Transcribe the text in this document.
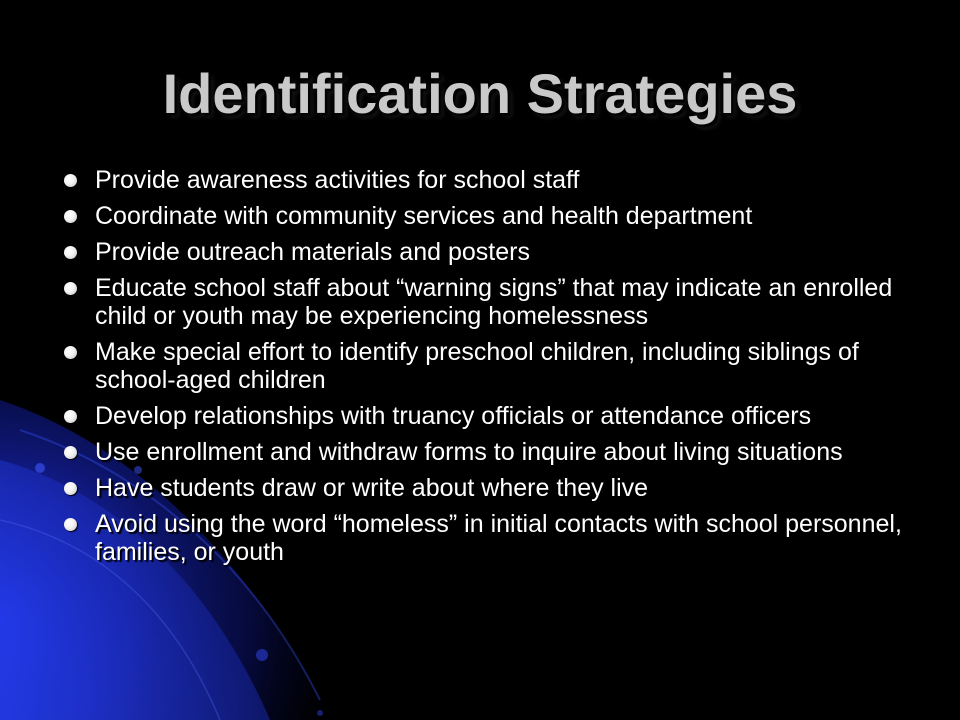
Identification Strategies
Provide awareness activities for school staff
Coordinate with community services and health department
Provide outreach materials and posters
Educate school staff about “warning signs” that may indicate an enrolled child or youth may be experiencing homelessness
Make special effort to identify preschool children, including siblings of school-aged children
Develop relationships with truancy officials or attendance officers
Use enrollment and withdraw forms to inquire about living situations
Have students draw or write about where they live
Avoid using the word “homeless” in initial contacts with school personnel, families, or youth
